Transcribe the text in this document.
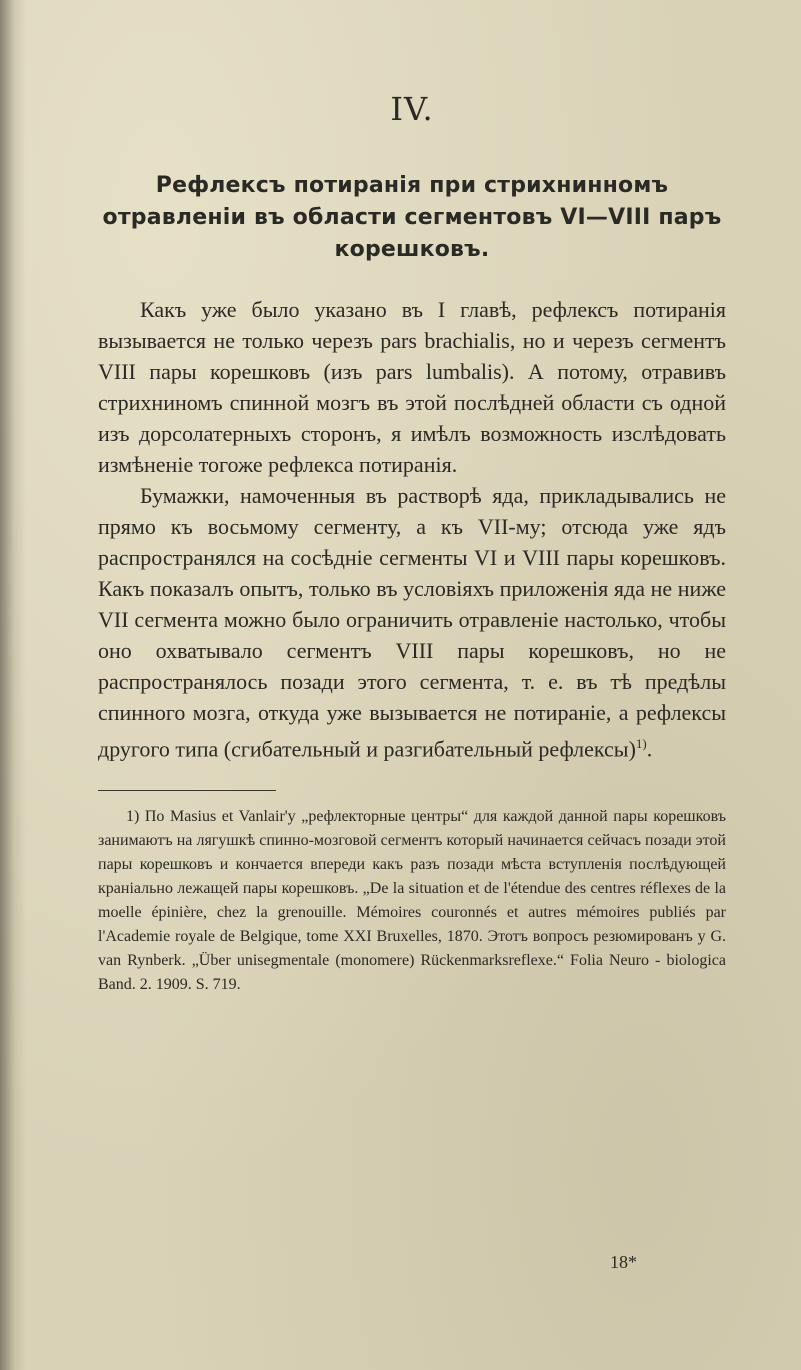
IV.
Рефлексъ потиранія при стрихнинномъ отравленіи въ области сегментовъ VI—VIII паръ корешковъ.

Какъ уже было указано въ I главѣ, рефлексъ потиранія вызывается не только черезъ pars brachialis, но и черезъ сегментъ VIII пары корешковъ (изъ pars lumbalis). А потому, отравивъ стрихниномъ спинной мозгъ въ этой послѣдней области съ одной изъ дорсолатерныхъ сторонъ, я имѣлъ возможность изслѣдовать измѣненіе тогоже рефлекса потиранія.

Бумажки, намоченныя въ растворѣ яда, прикладывались не прямо къ восьмому сегменту, а къ VII-му; отсюда уже ядъ распространялся на сосѣдніе сегменты VI и VIII пары корешковъ. Какъ показалъ опытъ, только въ условіяхъ приложенія яда не ниже VII сегмента можно было ограничить отравленіе настолько, чтобы оно охватывало сегментъ VIII пары корешковъ, но не распространялось позади этого сегмента, т. е. въ тѣ предѣлы спинного мозга, откуда уже вызывается не потираніе, а рефлексы другого типа (сгибательный и разгибательный рефлексы)$^{1)}$.

1) По Masius et Vanlair'у „рефлекторные центры“ для каждой данной пары корешковъ занимаютъ на лягушкѣ спинно-мозговой сегментъ который начинается сейчасъ позади этой пары корешковъ и кончается впереди какъ разъ позади мѣста вступленія послѣдующей краніально лежащей пары корешковъ. „De la situation et de l'étendue des centres réflexes de la moelle épinière, chez la grenouille. Mémoires couronnés et autres mémoires publiés par l'Academie royale de Belgique, tome XXI Bruxelles, 1870. Этотъ вопросъ резюмированъ у G. van Rynberk. „Über unisegmentale (monomere) Rückenmarksreflexe.“ Folia Neuro - biologica Band. 2. 1909. S. 719.

18*
